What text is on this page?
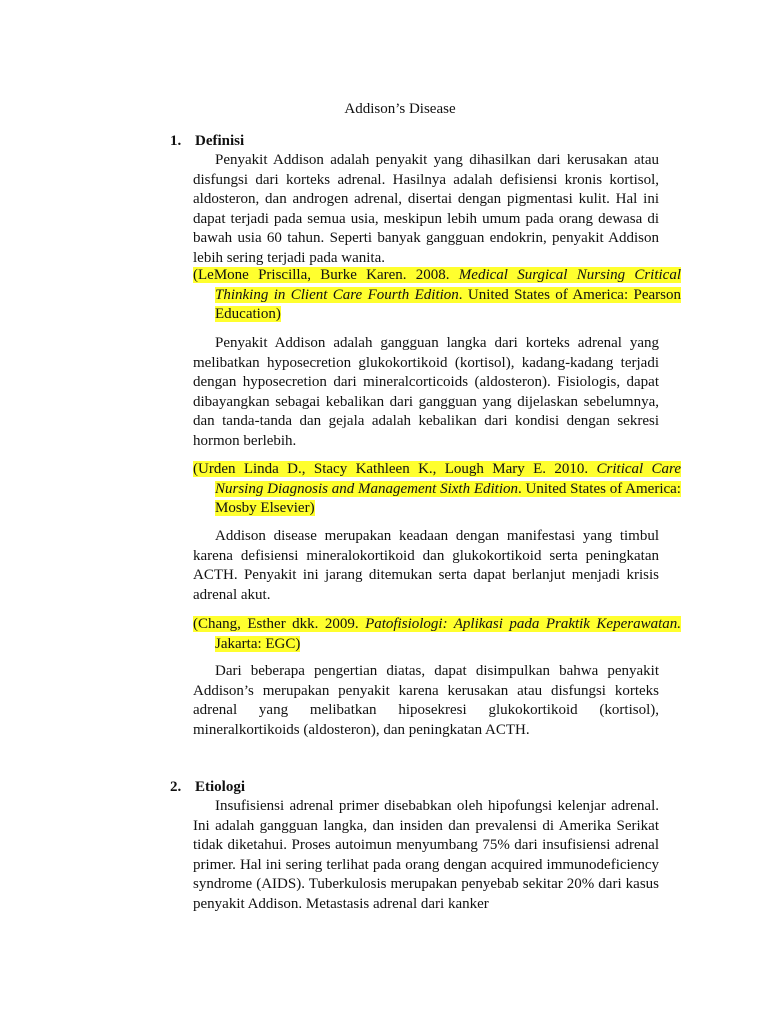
Addison’s Disease
1. Definisi
Penyakit Addison adalah penyakit yang dihasilkan dari kerusakan atau disfungsi dari korteks adrenal. Hasilnya adalah defisiensi kronis kortisol, aldosteron, dan androgen adrenal, disertai dengan pigmentasi kulit. Hal ini dapat terjadi pada semua usia, meskipun lebih umum pada orang dewasa di bawah usia 60 tahun. Seperti banyak gangguan endokrin, penyakit Addison lebih sering terjadi pada wanita.
(LeMone Priscilla, Burke Karen. 2008. Medical Surgical Nursing Critical Thinking in Client Care Fourth Edition. United States of America: Pearson Education)
Penyakit Addison adalah gangguan langka dari korteks adrenal yang melibatkan hyposecretion glukokortikoid (kortisol), kadang-kadang terjadi dengan hyposecretion dari mineralcorticoids (aldosteron). Fisiologis, dapat dibayangkan sebagai kebalikan dari gangguan yang dijelaskan sebelumnya, dan tanda-tanda dan gejala adalah kebalikan dari kondisi dengan sekresi hormon berlebih.
(Urden Linda D., Stacy Kathleen K., Lough Mary E. 2010. Critical Care Nursing Diagnosis and Management Sixth Edition. United States of America: Mosby Elsevier)
Addison disease merupakan keadaan dengan manifestasi yang timbul karena defisiensi mineralokortikoid dan glukokortikoid serta peningkatan ACTH. Penyakit ini jarang ditemukan serta dapat berlanjut menjadi krisis adrenal akut.
(Chang, Esther dkk. 2009. Patofisiologi: Aplikasi pada Praktik Keperawatan. Jakarta: EGC)
Dari beberapa pengertian diatas, dapat disimpulkan bahwa penyakit Addison’s merupakan penyakit karena kerusakan atau disfungsi korteks adrenal yang melibatkan hiposekresi glukokortikoid (kortisol), mineralkortikoids (aldosteron), dan peningkatan ACTH.
2. Etiologi
Insufisiensi adrenal primer disebabkan oleh hipofungsi kelenjar adrenal. Ini adalah gangguan langka, dan insiden dan prevalensi di Amerika Serikat tidak diketahui. Proses autoimun menyumbang 75% dari insufisiensi adrenal primer. Hal ini sering terlihat pada orang dengan acquired immunodeficiency syndrome (AIDS). Tuberkulosis merupakan penyebab sekitar 20% dari kasus penyakit Addison. Metastasis adrenal dari kanker
